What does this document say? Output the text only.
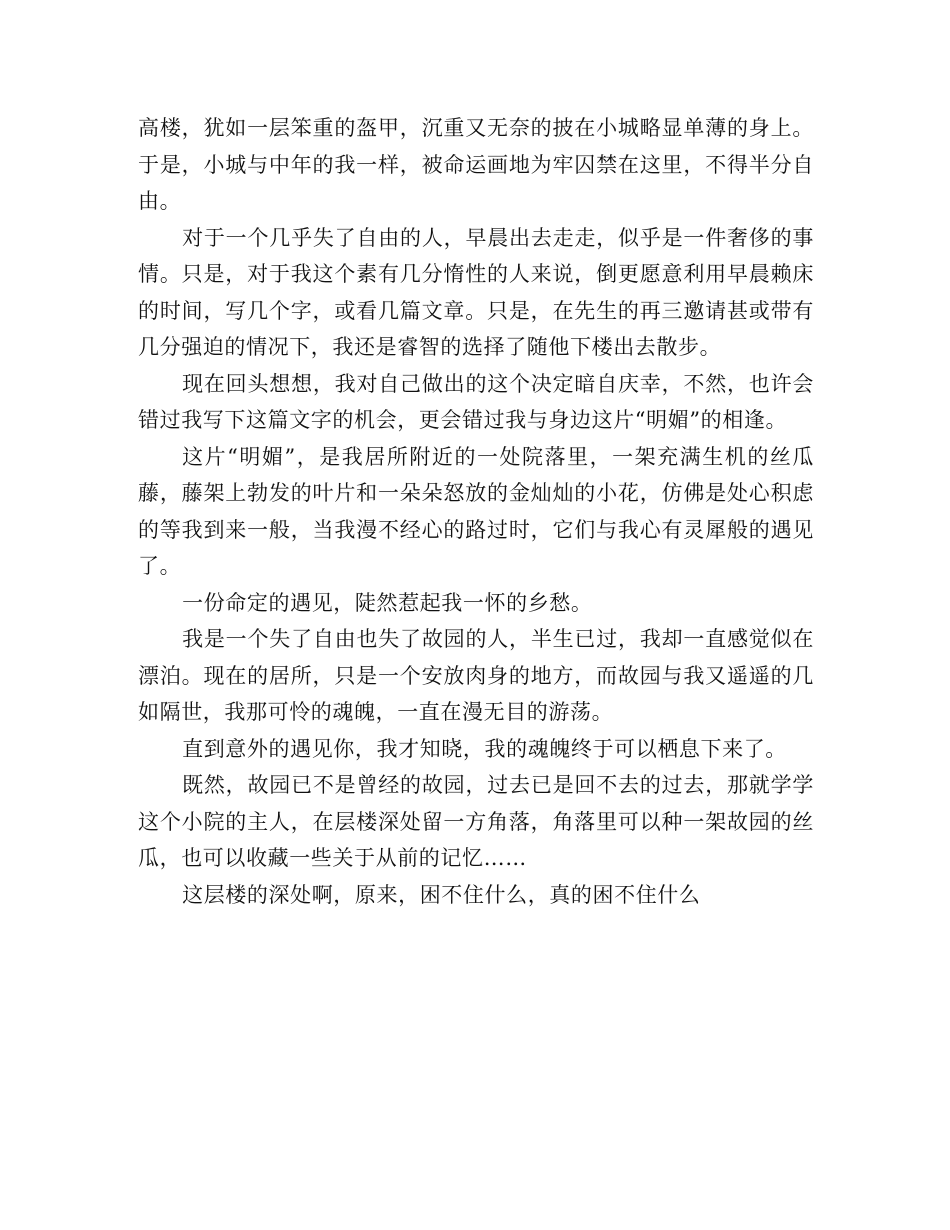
高楼，犹如一层笨重的盔甲，沉重又无奈的披在小城略显单薄的身上。于是，小城与中年的我一样，被命运画地为牢囚禁在这里，不得半分自由。

对于一个几乎失了自由的人，早晨出去走走，似乎是一件奢侈的事情。只是，对于我这个素有几分惰性的人来说，倒更愿意利用早晨赖床的时间，写几个字，或看几篇文章。只是，在先生的再三邀请甚或带有几分强迫的情况下，我还是睿智的选择了随他下楼出去散步。

现在回头想想，我对自己做出的这个决定暗自庆幸，不然，也许会错过我写下这篇文字的机会，更会错过我与身边这片“明媚”的相逢。

这片“明媚”，是我居所附近的一处院落里，一架充满生机的丝瓜藤，藤架上勃发的叶片和一朵朵怒放的金灿灿的小花，仿佛是处心积虑的等我到来一般，当我漫不经心的路过时，它们与我心有灵犀般的遇见了。

一份命定的遇见，陡然惹起我一怀的乡愁。

我是一个失了自由也失了故园的人，半生已过，我却一直感觉似在漂泊。现在的居所，只是一个安放肉身的地方，而故园与我又遥遥的几如隔世，我那可怜的魂魄，一直在漫无目的游荡。

直到意外的遇见你，我才知晓，我的魂魄终于可以栖息下来了。

既然，故园已不是曾经的故园，过去已是回不去的过去，那就学学这个小院的主人，在层楼深处留一方角落，角落里可以种一架故园的丝瓜，也可以收藏一些关于从前的记忆……

这层楼的深处啊，原来，困不住什么，真的困不住什么
